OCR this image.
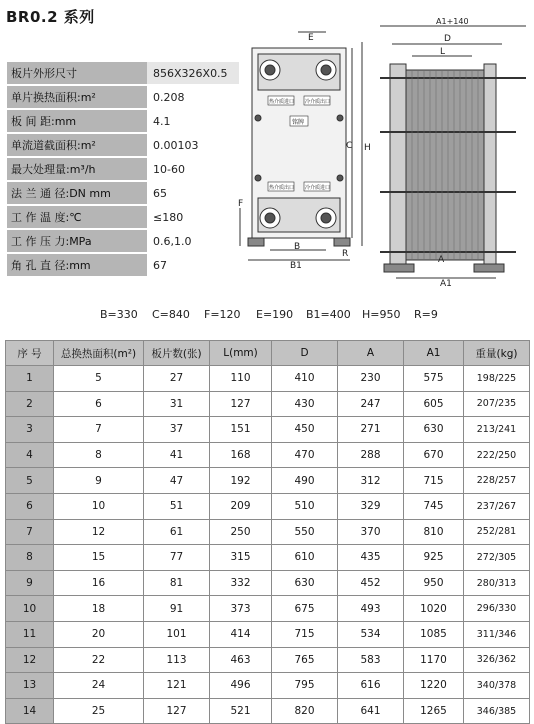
BR0.2 系列
板片外形尺寸	856X326X0.5
单片换热面积:m²	0.208
板 间 距:mm	4.1
单流道截面积:m²	0.00103
最大处理量:m³/h	10-60
法 兰 通 径:DN mm	65
工 作 温 度:℃	≤180
工 作 压 力:MPa	0.6,1.0
角 孔 直 径:mm	67
热介质进口 冷介质出口
铭牌
热介质出口 冷介质进口
E
C H
F
B
B1
R
A1+140
D
L
A
A1
B=330 C=840 F=120 E=190 B1=400 H=950 R=9
序 号	总换热面积(m²)	板片数(张)	L(mm)	D	A	A1	重量(kg)
1	5	27	110	410	230	575	198/225
2	6	31	127	430	247	605	207/235
3	7	37	151	450	271	630	213/241
4	8	41	168	470	288	670	222/250
5	9	47	192	490	312	715	228/257
6	10	51	209	510	329	745	237/267
7	12	61	250	550	370	810	252/281
8	15	77	315	610	435	925	272/305
9	16	81	332	630	452	950	280/313
10	18	91	373	675	493	1020	296/330
11	20	101	414	715	534	1085	311/346
12	22	113	463	765	583	1170	326/362
13	24	121	496	795	616	1220	340/378
14	25	127	521	820	641	1265	346/385
